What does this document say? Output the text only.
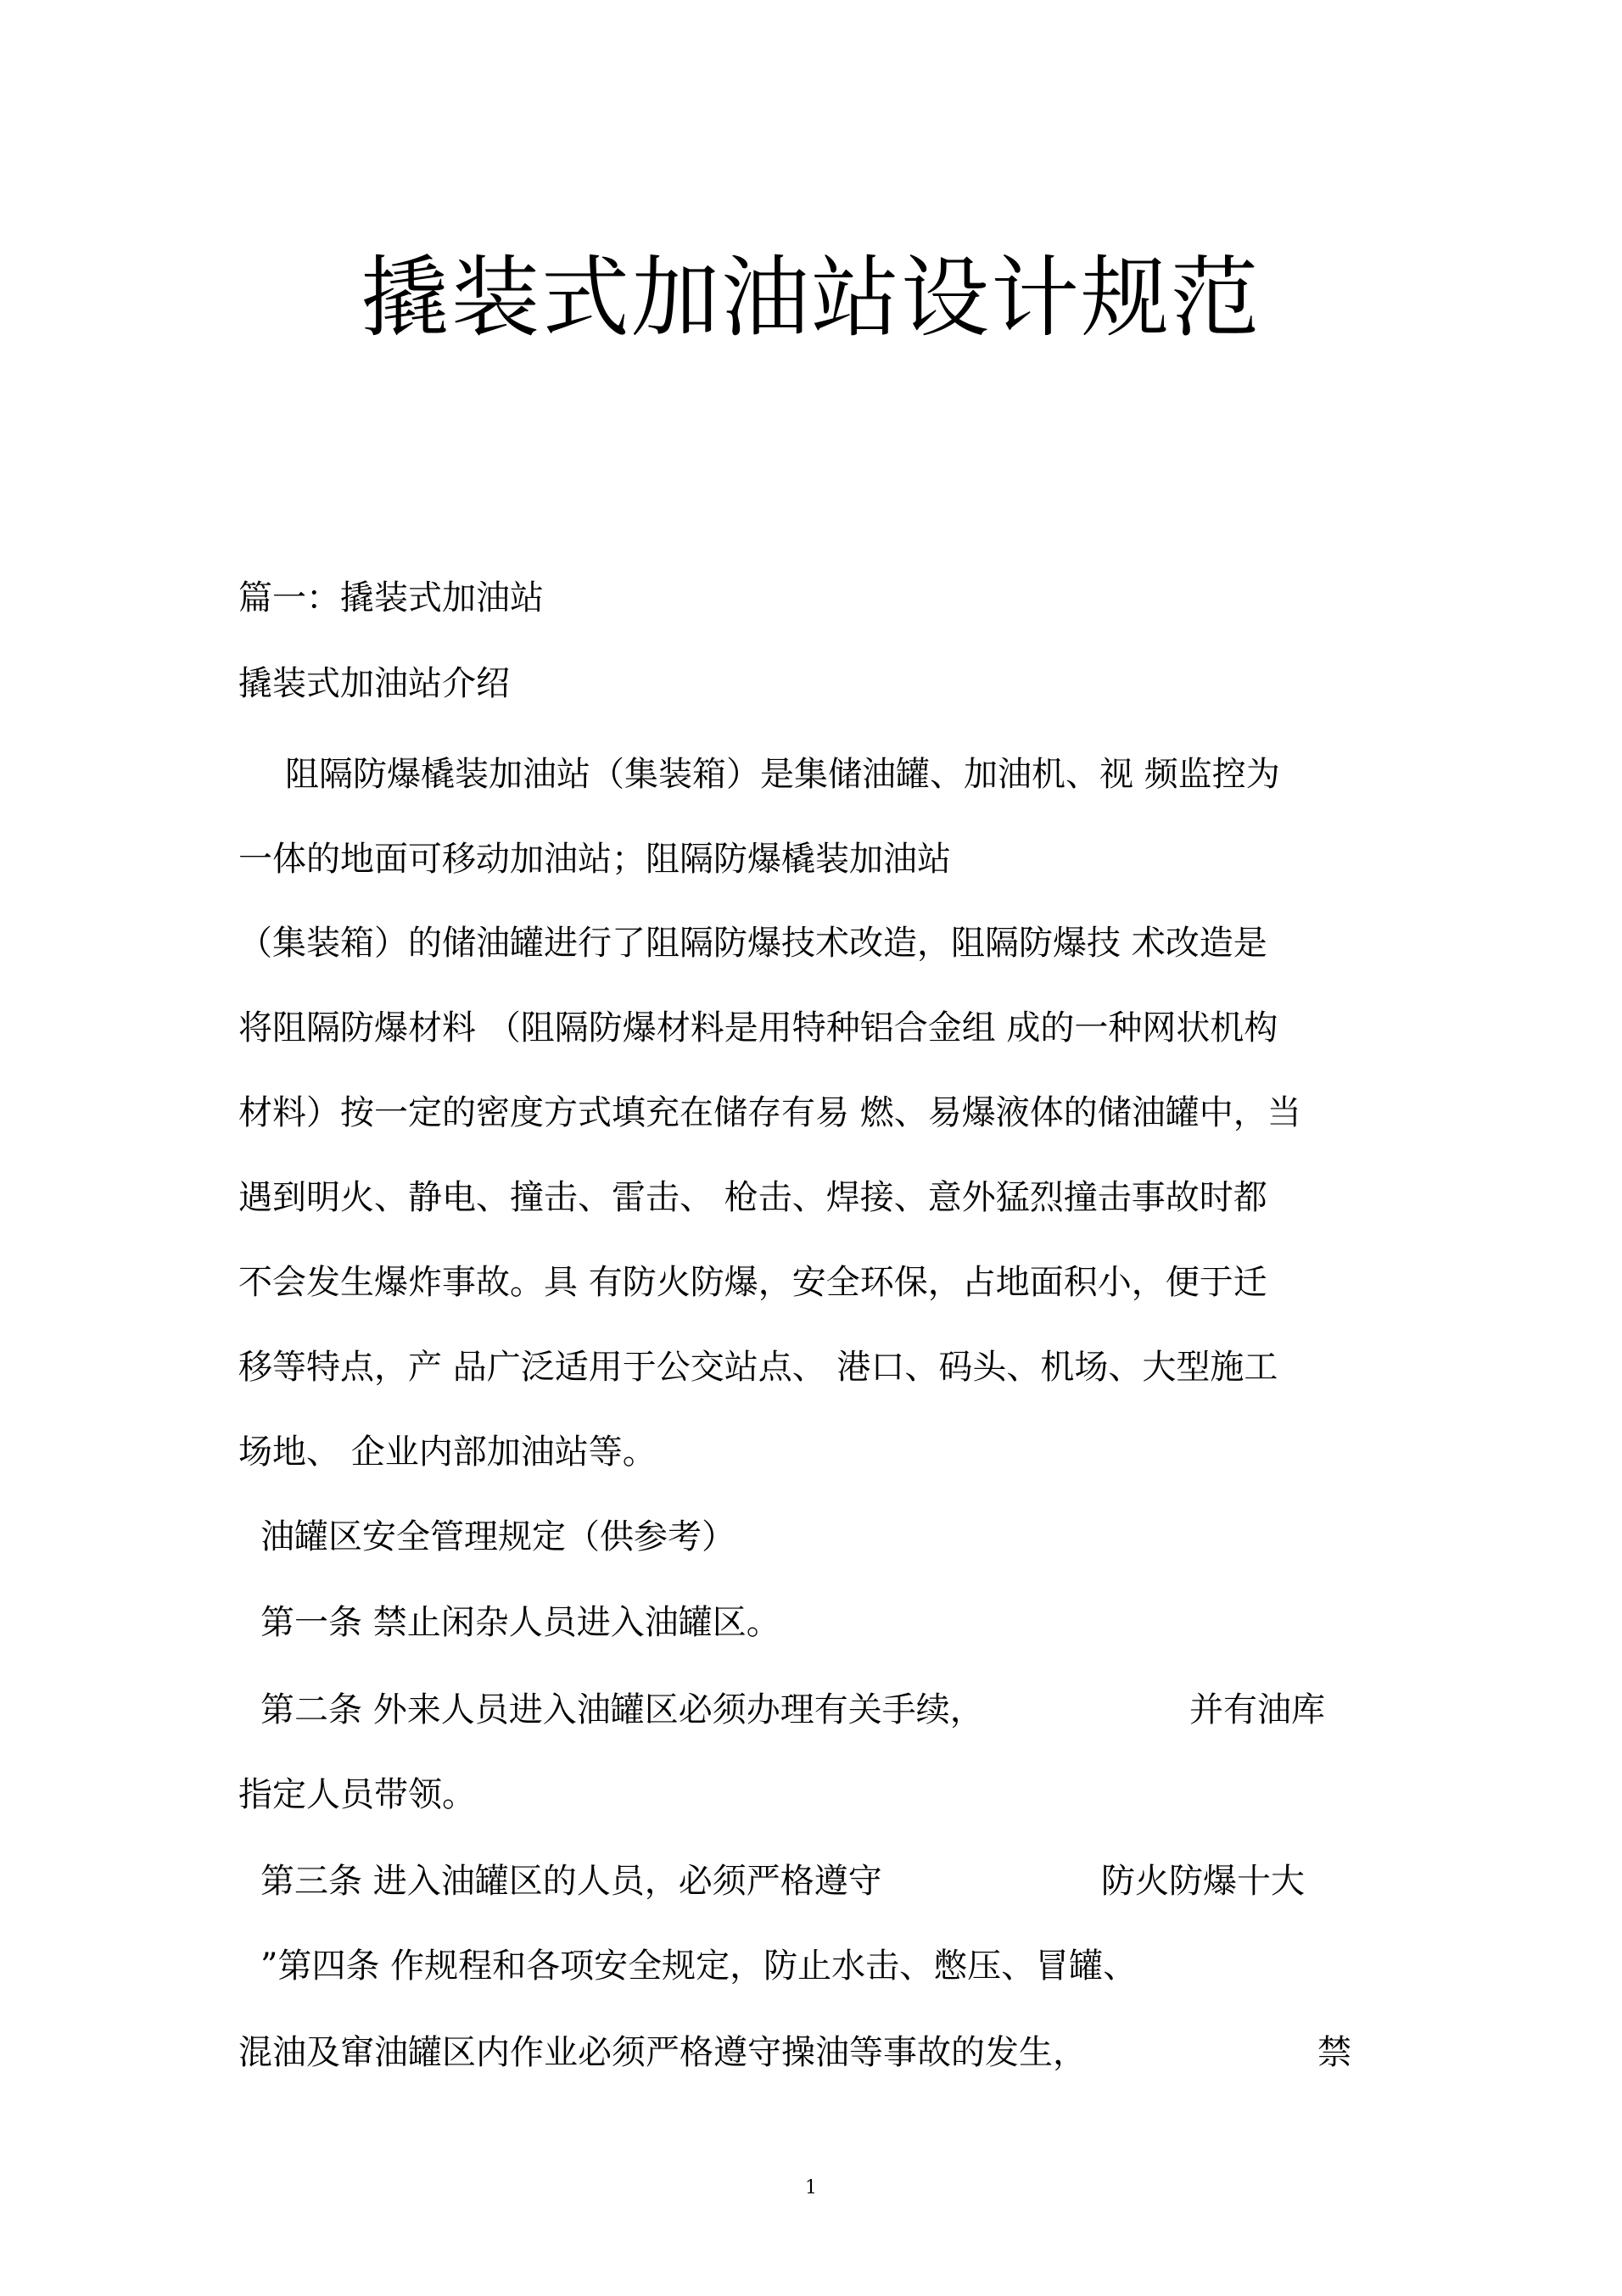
撬装式加油站设计规范
篇一：撬装式加油站
撬装式加油站介绍
阻隔防爆橇装加油站（集装箱）是集储油罐、加油机、视 频监控为
一体的地面可移动加油站；阻隔防爆橇装加油站
（集装箱）的储油罐进行了阻隔防爆技术改造，阻隔防爆技 术改造是
将阻隔防爆材料 （阻隔防爆材料是用特种铝合金组 成的一种网状机构
材料）按一定的密度方式填充在储存有易 燃、易爆液体的储油罐中，当
遇到明火、静电、撞击、雷击、 枪击、焊接、意外猛烈撞击事故时都
不会发生爆炸事故。具 有防火防爆，安全环保，占地面积小，便于迁
移等特点，产 品广泛适用于公交站点、 港口、码头、机场、大型施工
场地、 企业内部加油站等。
油罐区安全管理规定（供参考）
第一条 禁止闲杂人员进入油罐区。
第二条 外来人员进入油罐区必须办理有关手续，	并有油库
指定人员带领。
第三条 进入油罐区的人员，必须严格遵守	防火防爆十大
”第四条 作规程和各项安全规定，防止水击、憋压、冒罐、
混油及窜油罐区内作业必须严格遵守操油等事故的发生，	禁
1
